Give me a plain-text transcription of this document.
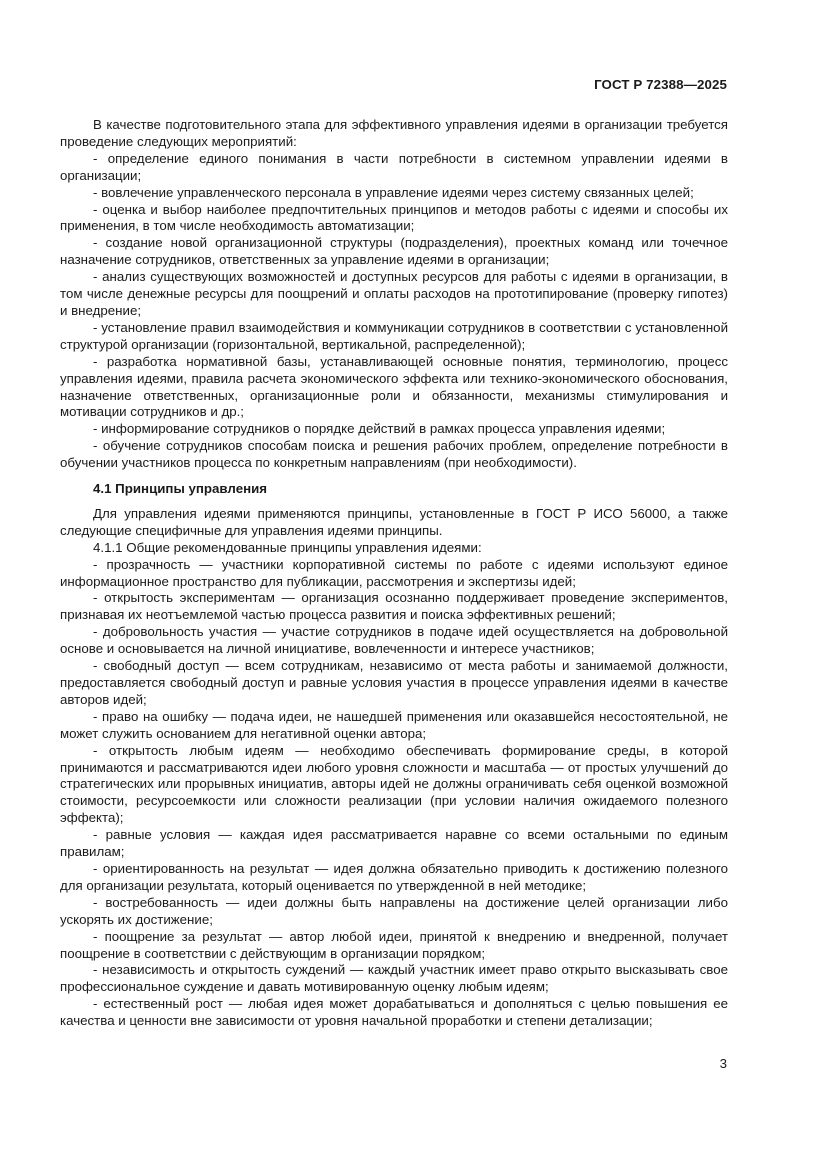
ГОСТ Р 72388—2025

В качестве подготовительного этапа для эффективного управления идеями в организации требуется проведение следующих мероприятий:

- определение единого понимания в части потребности в системном управлении идеями в организации;

- вовлечение управленческого персонала в управление идеями через систему связанных целей;

- оценка и выбор наиболее предпочтительных принципов и методов работы с идеями и способы их применения, в том числе необходимость автоматизации;

- создание новой организационной структуры (подразделения), проектных команд или точечное назначение сотрудников, ответственных за управление идеями в организации;

- анализ существующих возможностей и доступных ресурсов для работы с идеями в организации, в том числе денежные ресурсы для поощрений и оплаты расходов на прототипирование (проверку гипотез) и внедрение;

- установление правил взаимодействия и коммуникации сотрудников в соответствии с установленной структурой организации (горизонтальной, вертикальной, распределенной);

- разработка нормативной базы, устанавливающей основные понятия, терминологию, процесс управления идеями, правила расчета экономического эффекта или технико-экономического обоснования, назначение ответственных, организационные роли и обязанности, механизмы стимулирования и мотивации сотрудников и др.;

- информирование сотрудников о порядке действий в рамках процесса управления идеями;

- обучение сотрудников способам поиска и решения рабочих проблем, определение потребности в обучении участников процесса по конкретным направлениям (при необходимости).

4.1 Принципы управления

Для управления идеями применяются принципы, установленные в ГОСТ Р ИСО 56000, а также следующие специфичные для управления идеями принципы.

4.1.1 Общие рекомендованные принципы управления идеями:

- прозрачность — участники корпоративной системы по работе с идеями используют единое информационное пространство для публикации, рассмотрения и экспертизы идей;

- открытость экспериментам — организация осознанно поддерживает проведение экспериментов, признавая их неотъемлемой частью процесса развития и поиска эффективных решений;

- добровольность участия — участие сотрудников в подаче идей осуществляется на добровольной основе и основывается на личной инициативе, вовлеченности и интересе участников;

- свободный доступ — всем сотрудникам, независимо от места работы и занимаемой должности, предоставляется свободный доступ и равные условия участия в процессе управления идеями в качестве авторов идей;

- право на ошибку — подача идеи, не нашедшей применения или оказавшейся несостоятельной, не может служить основанием для негативной оценки автора;

- открытость любым идеям — необходимо обеспечивать формирование среды, в которой принимаются и рассматриваются идеи любого уровня сложности и масштаба — от простых улучшений до стратегических или прорывных инициатив, авторы идей не должны ограничивать себя оценкой возможной стоимости, ресурсоемкости или сложности реализации (при условии наличия ожидаемого полезного эффекта);

- равные условия — каждая идея рассматривается наравне со всеми остальными по единым правилам;

- ориентированность на результат — идея должна обязательно приводить к достижению полезного для организации результата, который оценивается по утвержденной в ней методике;

- востребованность — идеи должны быть направлены на достижение целей организации либо ускорять их достижение;

- поощрение за результат — автор любой идеи, принятой к внедрению и внедренной, получает поощрение в соответствии с действующим в организации порядком;

- независимость и открытость суждений — каждый участник имеет право открыто высказывать свое профессиональное суждение и давать мотивированную оценку любым идеям;

- естественный рост — любая идея может дорабатываться и дополняться с целью повышения ее качества и ценности вне зависимости от уровня начальной проработки и степени детализации;

3
